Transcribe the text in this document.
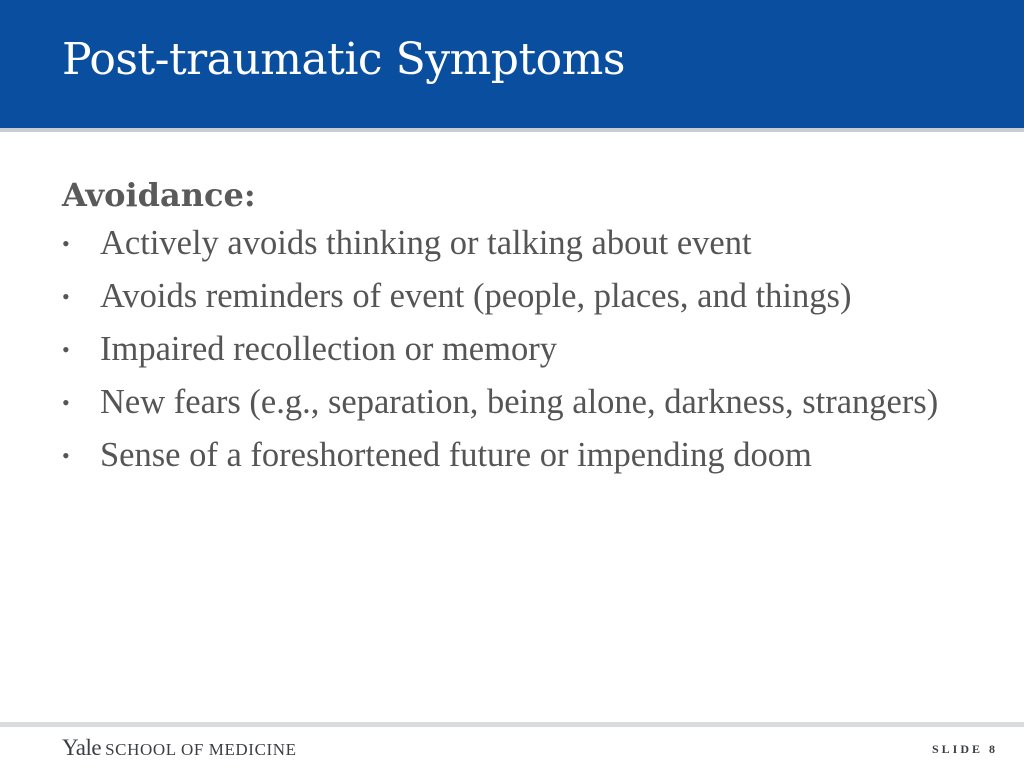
Post-traumatic Symptoms
Avoidance:
• Actively avoids thinking or talking about event
• Avoids reminders of event (people, places, and things)
• Impaired recollection or memory
• New fears (e.g., separation, being alone, darkness, strangers)
• Sense of a foreshortened future or impending doom
Yale SCHOOL OF MEDICINE	SLIDE 8
